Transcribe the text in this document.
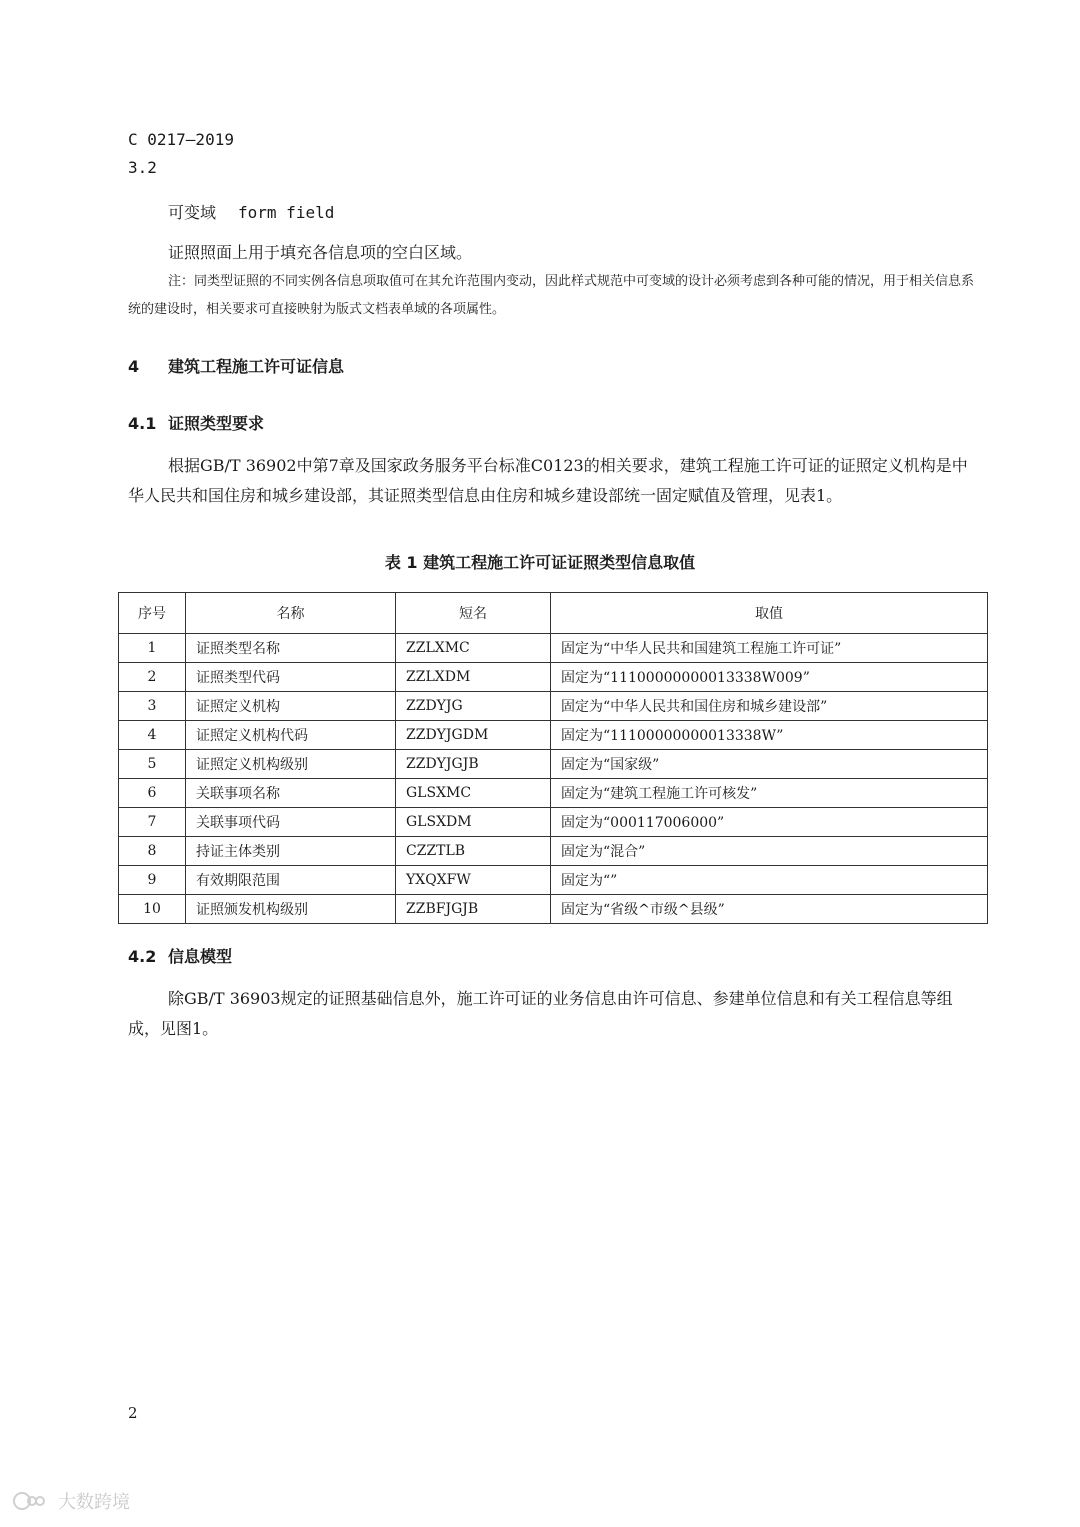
C 0217—2019
3.2
可变域 form field
证照照面上用于填充各信息项的空白区域。
注：同类型证照的不同实例各信息项取值可在其允许范围内变动，因此样式规范中可变域的设计必须考虑到各种可能的情况，用于相关信息系统的建设时，相关要求可直接映射为版式文档表单域的各项属性。
4 建筑工程施工许可证信息
4.1 证照类型要求
根据GB/T 36902中第7章及国家政务服务平台标准C0123的相关要求，建筑工程施工许可证的证照定义机构是中华人民共和国住房和城乡建设部，其证照类型信息由住房和城乡建设部统一固定赋值及管理，见表1。
表 1 建筑工程施工许可证证照类型信息取值
序号	名称	短名	取值
1	证照类型名称	ZZLXMC	固定为“中华人民共和国建筑工程施工许可证”
2	证照类型代码	ZZLXDM	固定为“11100000000013338W009”
3	证照定义机构	ZZDYJG	固定为“中华人民共和国住房和城乡建设部”
4	证照定义机构代码	ZZDYJGDM	固定为“11100000000013338W”
5	证照定义机构级别	ZZDYJGJB	固定为“国家级”
6	关联事项名称	GLSXMC	固定为“建筑工程施工许可核发”
7	关联事项代码	GLSXDM	固定为“000117006000”
8	持证主体类别	CZZTLB	固定为“混合”
9	有效期限范围	YXQXFW	固定为“”
10	证照颁发机构级别	ZZBFJGJB	固定为“省级^市级^县级”
4.2 信息模型
除GB/T 36903规定的证照基础信息外，施工许可证的业务信息由许可信息、参建单位信息和有关工程信息等组成，见图1。
2
大数跨境
